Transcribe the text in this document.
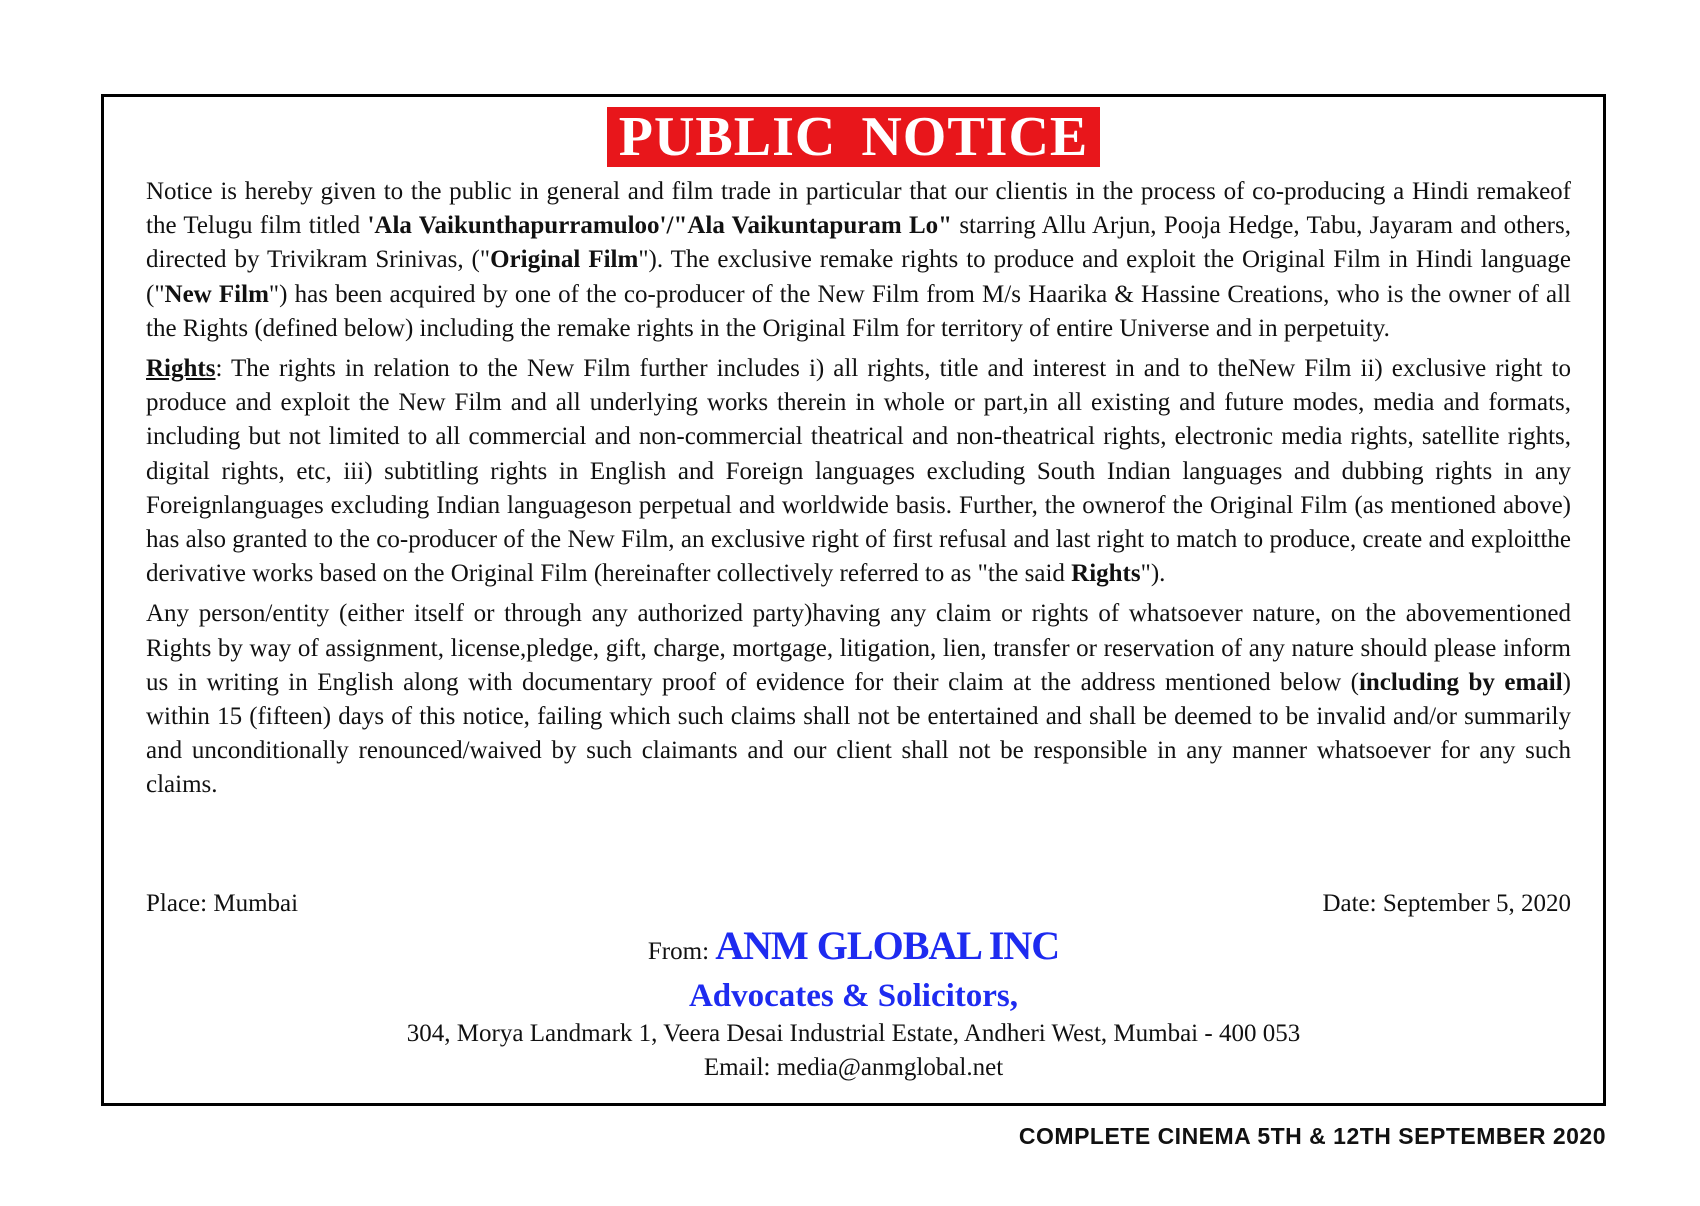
PUBLIC NOTICE

Notice is hereby given to the public in general and film trade in particular that our clientis in the process of co-producing a Hindi remakeof the Telugu film titled 'Ala Vaikunthapurramuloo'/"Ala Vaikuntapuram Lo" starring Allu Arjun, Pooja Hedge, Tabu, Jayaram and others, directed by Trivikram Srinivas, ("Original Film"). The exclusive remake rights to produce and exploit the Original Film in Hindi language ("New Film") has been acquired by one of the co-producer of the New Film from M/s Haarika & Hassine Creations, who is the owner of all the Rights (defined below) including the remake rights in the Original Film for territory of entire Universe and in perpetuity.

Rights: The rights in relation to the New Film further includes i) all rights, title and interest in and to theNew Film ii) exclusive right to produce and exploit the New Film and all underlying works therein in whole or part,in all existing and future modes, media and formats, including but not limited to all commercial and non-commercial theatrical and non-theatrical rights, electronic media rights, satellite rights, digital rights, etc, iii) subtitling rights in English and Foreign languages excluding South Indian languages and dubbing rights in any Foreignlanguages excluding Indian languageson perpetual and worldwide basis. Further, the ownerof the Original Film (as mentioned above) has also granted to the co-producer of the New Film, an exclusive right of first refusal and last right to match to produce, create and exploitthe derivative works based on the Original Film (hereinafter collectively referred to as "the said Rights").

Any person/entity (either itself or through any authorized party)having any claim or rights of whatsoever nature, on the abovementioned Rights by way of assignment, license,pledge, gift, charge, mortgage, litigation, lien, transfer or reservation of any nature should please inform us in writing in English along with documentary proof of evidence for their claim at the address mentioned below (including by email) within 15 (fifteen) days of this notice, failing which such claims shall not be entertained and shall be deemed to be invalid and/or summarily and unconditionally renounced/waived by such claimants and our client shall not be responsible in any manner whatsoever for any such claims.

Place: Mumbai	Date: September 5, 2020
From: ANM GLOBAL INC
Advocates & Solicitors,
304, Morya Landmark 1, Veera Desai Industrial Estate, Andheri West, Mumbai - 400 053
Email: media@anmglobal.net
COMPLETE CINEMA 5TH & 12TH SEPTEMBER 2020
